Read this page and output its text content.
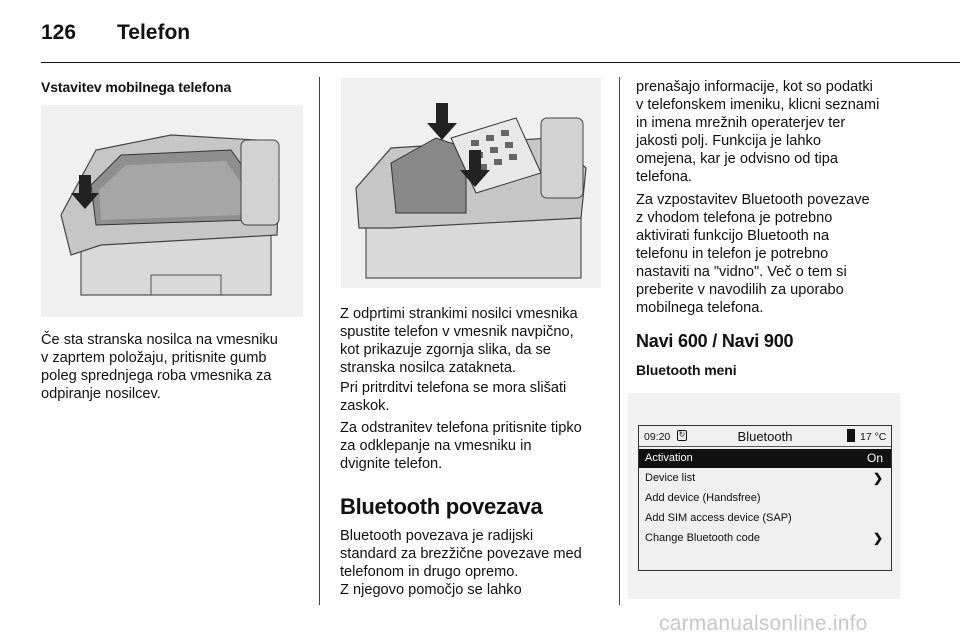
126	Telefon
Vstavitev mobilnega telefona

Če sta stranska nosilca na vmesniku
v zaprtem položaju, pritisnite gumb
poleg sprednjega roba vmesnika za
odpiranje nosilcev.

Z odprtimi strankimi nosilci vmesnika
spustite telefon v vmesnik navpično,
kot prikazuje zgornja slika, da se
stranska nosilca zatakneta.

Pri pritrditvi telefona se mora slišati
zaskok.

Za odstranitev telefona pritisnite tipko
za odklepanje na vmesniku in
dvignite telefon.

Bluetooth povezava

Bluetooth povezava je radijski
standard za brezžične povezave med
telefonom in drugo opremo.
Z njegovo pomočjo se lahko

prenašajo informacije, kot so podatki
v telefonskem imeniku, klicni seznami
in imena mrežnih operaterjev ter
jakosti polj. Funkcija je lahko
omejena, kar je odvisno od tipa
telefona.

Za vzpostavitev Bluetooth povezave
z vhodom telefona je potrebno
aktivirati funkcijo Bluetooth na
telefonu in telefon je potrebno
nastaviti na "vidno". Več o tem si
preberite v navodilih za uporabo
mobilnega telefona.

Navi 600 / Navi 900
Bluetooth meni
09:20 ↻	Bluetooth	17 °C
Activation	On
Device list	❯
Add device (Handsfree)
Add SIM access device (SAP)
Change Bluetooth code	❯
carmanualsonline.info
